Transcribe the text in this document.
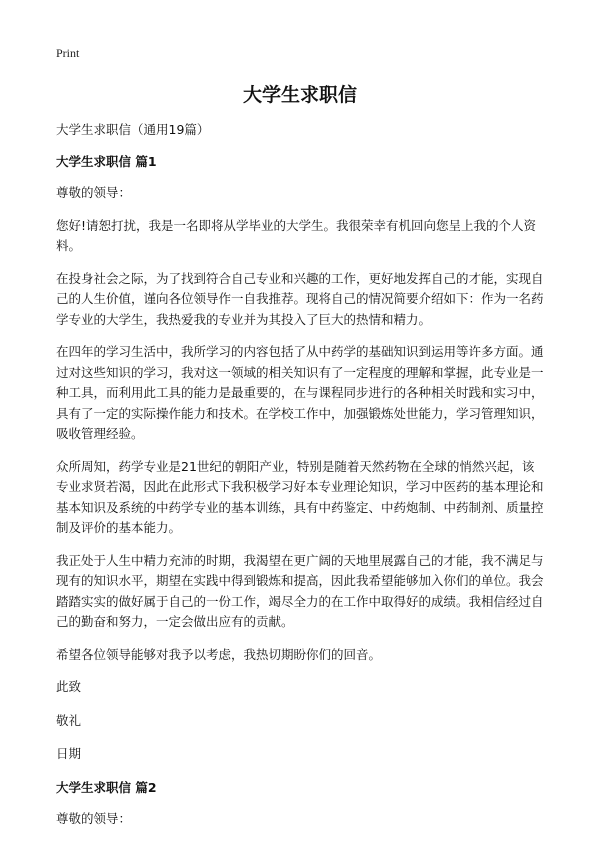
Print
大学生求职信

大学生求职信（通用19篇）

大学生求职信 篇1

尊敬的领导：

您好!请恕打扰，我是一名即将从学毕业的大学生。我很荣幸有机回向您呈上我的个人资料。

在投身社会之际，为了找到符合自己专业和兴趣的工作，更好地发挥自己的才能，实现自己的人生价值，谨向各位领导作一自我推荐。现将自己的情况简要介绍如下：作为一名药学专业的大学生，我热爱我的专业并为其投入了巨大的热情和精力。

在四年的学习生活中，我所学习的内容包括了从中药学的基础知识到运用等许多方面。通过对这些知识的学习，我对这一领域的相关知识有了一定程度的理解和掌握，此专业是一种工具，而利用此工具的能力是最重要的，在与课程同步进行的各种相关时践和实习中，具有了一定的实际操作能力和技术。在学校工作中，加强锻炼处世能力，学习管理知识，吸收管理经验。

众所周知，药学专业是21世纪的朝阳产业，特别是随着天然药物在全球的悄然兴起，该专业求贤若渴，因此在此形式下我积极学习好本专业理论知识，学习中医药的基本理论和基本知识及系统的中药学专业的基本训练，具有中药鉴定、中药炮制、中药制剂、质量控制及评价的基本能力。

我正处于人生中精力充沛的时期，我渴望在更广阔的天地里展露自己的才能，我不满足与现有的知识水平，期望在实践中得到锻炼和提高，因此我希望能够加入你们的单位。我会踏踏实实的做好属于自己的一份工作，竭尽全力的在工作中取得好的成绩。我相信经过自己的勤奋和努力，一定会做出应有的贡献。

希望各位领导能够对我予以考虑，我热切期盼你们的回音。

此致

敬礼

日期

大学生求职信 篇2

尊敬的领导：
